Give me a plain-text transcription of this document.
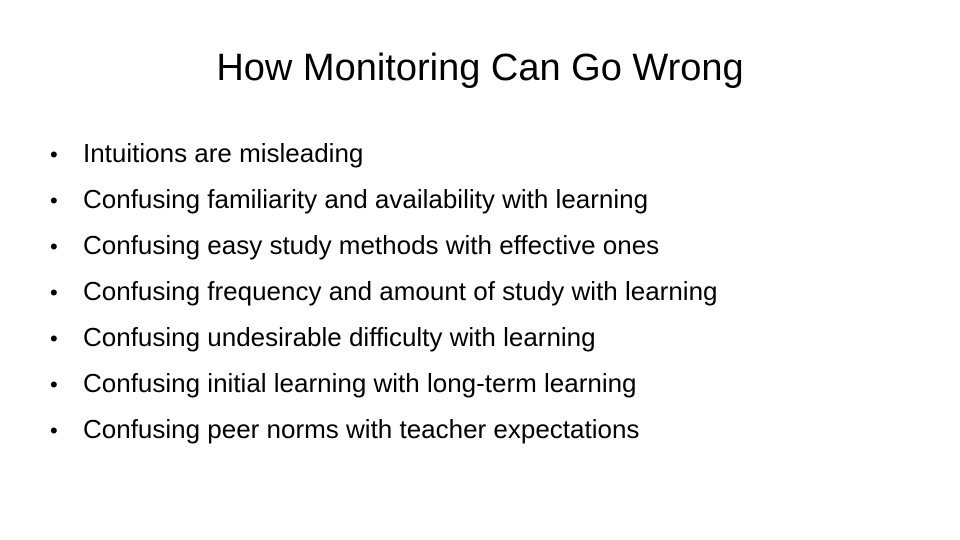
How Monitoring Can Go Wrong
• Intuitions are misleading
• Confusing familiarity and availability with learning
• Confusing easy study methods with effective ones
• Confusing frequency and amount of study with learning
• Confusing undesirable difficulty with learning
• Confusing initial learning with long-term learning
• Confusing peer norms with teacher expectations
